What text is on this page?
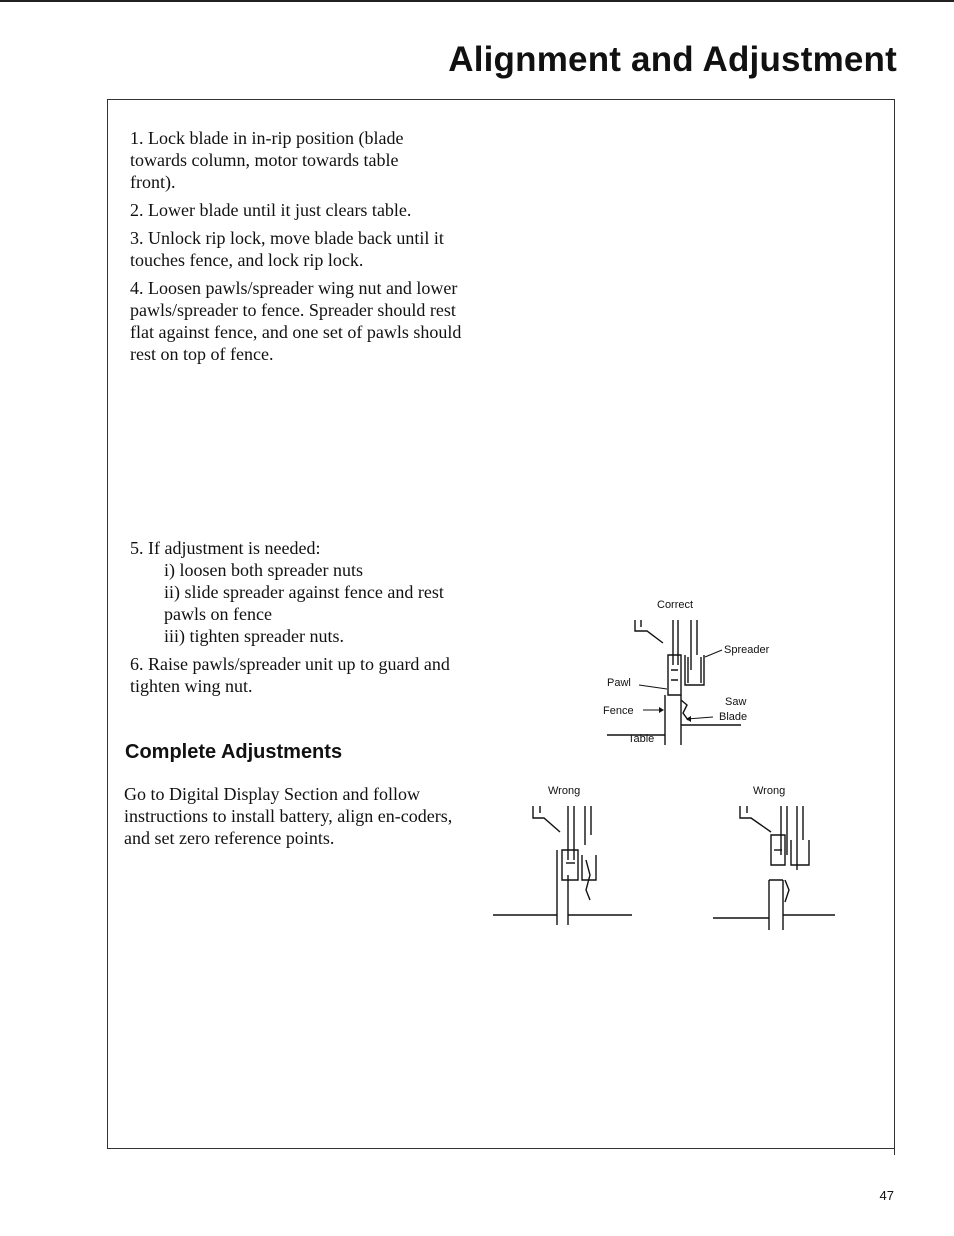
Alignment and Adjustment

1. Lock blade in in-rip position (blade towards column, motor towards table front).

2. Lower blade until it just clears table.

3. Unlock rip lock, move blade back until it touches fence, and lock rip lock.

4. Loosen pawls/spreader wing nut and lower pawls/spreader to fence. Spreader should rest flat against fence, and one set of pawls should rest on top of fence.

5. If adjustment is needed:
i) loosen both spreader nuts
ii) slide spreader against fence and rest pawls on fence
iii) tighten spreader nuts.

6. Raise pawls/spreader unit up to guard and tighten wing nut.

Complete Adjustments

Go to Digital Display Section and follow instructions to install battery, align en-coders, and set zero reference points.

Correct
Spreader
Pawl
Fence
Saw
Blade
Table
Wrong	Wrong
47
